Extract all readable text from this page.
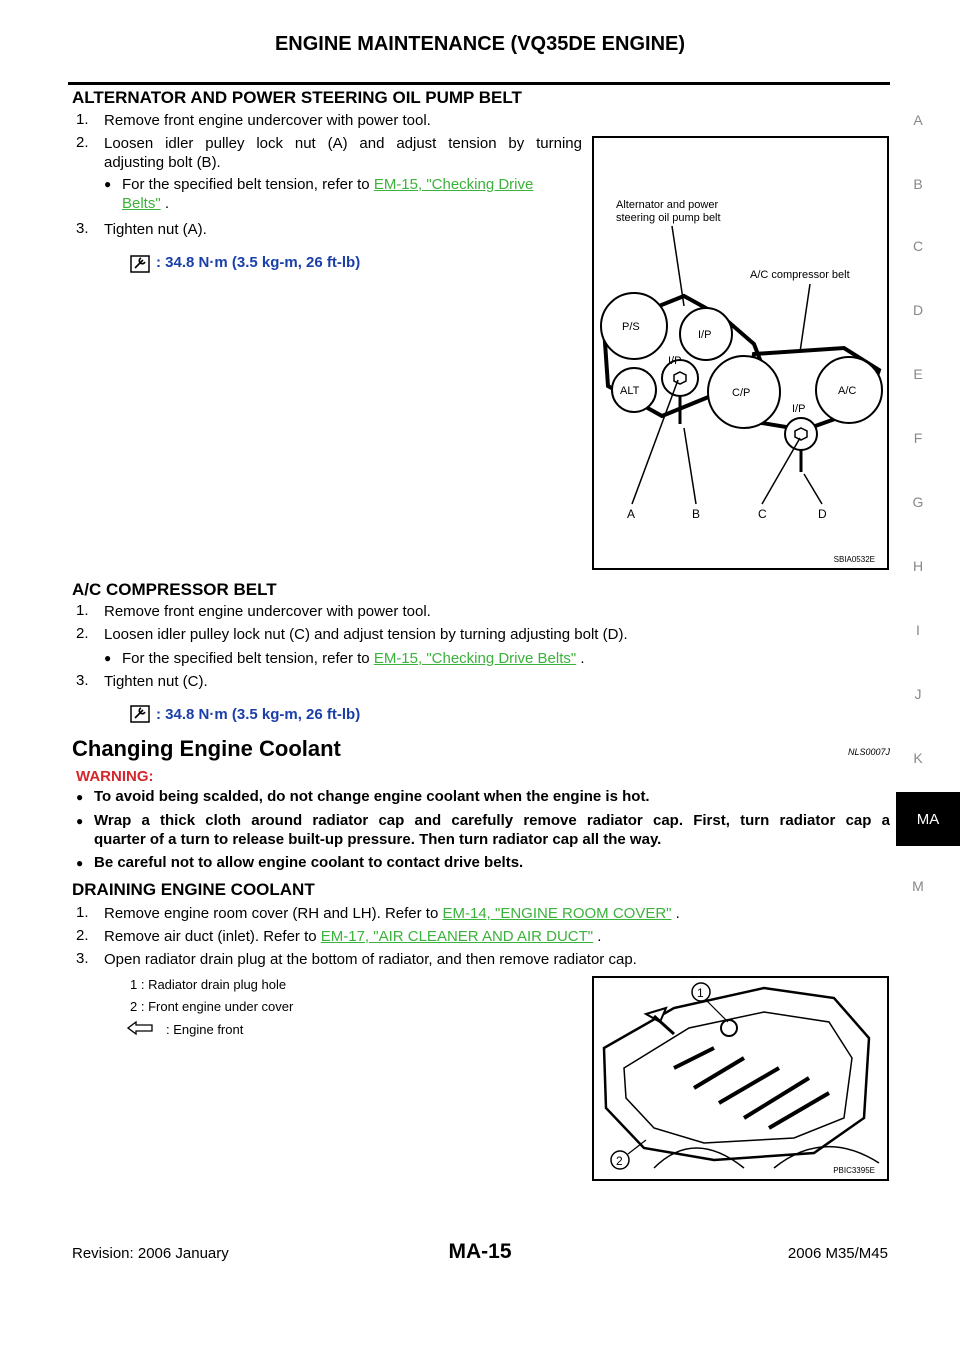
ENGINE MAINTENANCE (VQ35DE ENGINE)
A
B
C
D
E
F
G
H
I
J
K
MA
M
ALTERNATOR AND POWER STEERING OIL PUMP BELT
1. Remove front engine undercover with power tool.
2. Loosen idler pulley lock nut (A) and adjust tension by turning
adjusting bolt (B).
● For the specified belt tension, refer to EM-15, "Checking Drive
Belts" .
3. Tighten nut (A).
: 34.8 N·m (3.5 kg-m, 26 ft-lb)
Alternator and power
steering oil pump belt
A/C compressor belt
P/S
I/P
ALT
I/P
C/P	A/C
I/P
A	B	C	D
SBIA0532E
A/C COMPRESSOR BELT
1. Remove front engine undercover with power tool.
2. Loosen idler pulley lock nut (C) and adjust tension by turning adjusting bolt (D).
● For the specified belt tension, refer to EM-15, "Checking Drive Belts" .
3. Tighten nut (C).
: 34.8 N·m (3.5 kg-m, 26 ft-lb)
Changing Engine Coolant	NLS0007J
WARNING:
● To avoid being scalded, do not change engine coolant when the engine is hot.
● Wrap a thick cloth around radiator cap and carefully remove radiator cap. First, turn radiator cap a
quarter of a turn to release built-up pressure. Then turn radiator cap all the way.
● Be careful not to allow engine coolant to contact drive belts.
DRAINING ENGINE COOLANT
1. Remove engine room cover (RH and LH). Refer to EM-14, "ENGINE ROOM COVER" .
2. Remove air duct (inlet). Refer to EM-17, "AIR CLEANER AND AIR DUCT" .
3. Open radiator drain plug at the bottom of radiator, and then remove radiator cap.
1 : Radiator drain plug hole
2 : Front engine under cover
: Engine front
1
2
PBIC3395E
Revision: 2006 January	MA-15	2006 M35/M45
